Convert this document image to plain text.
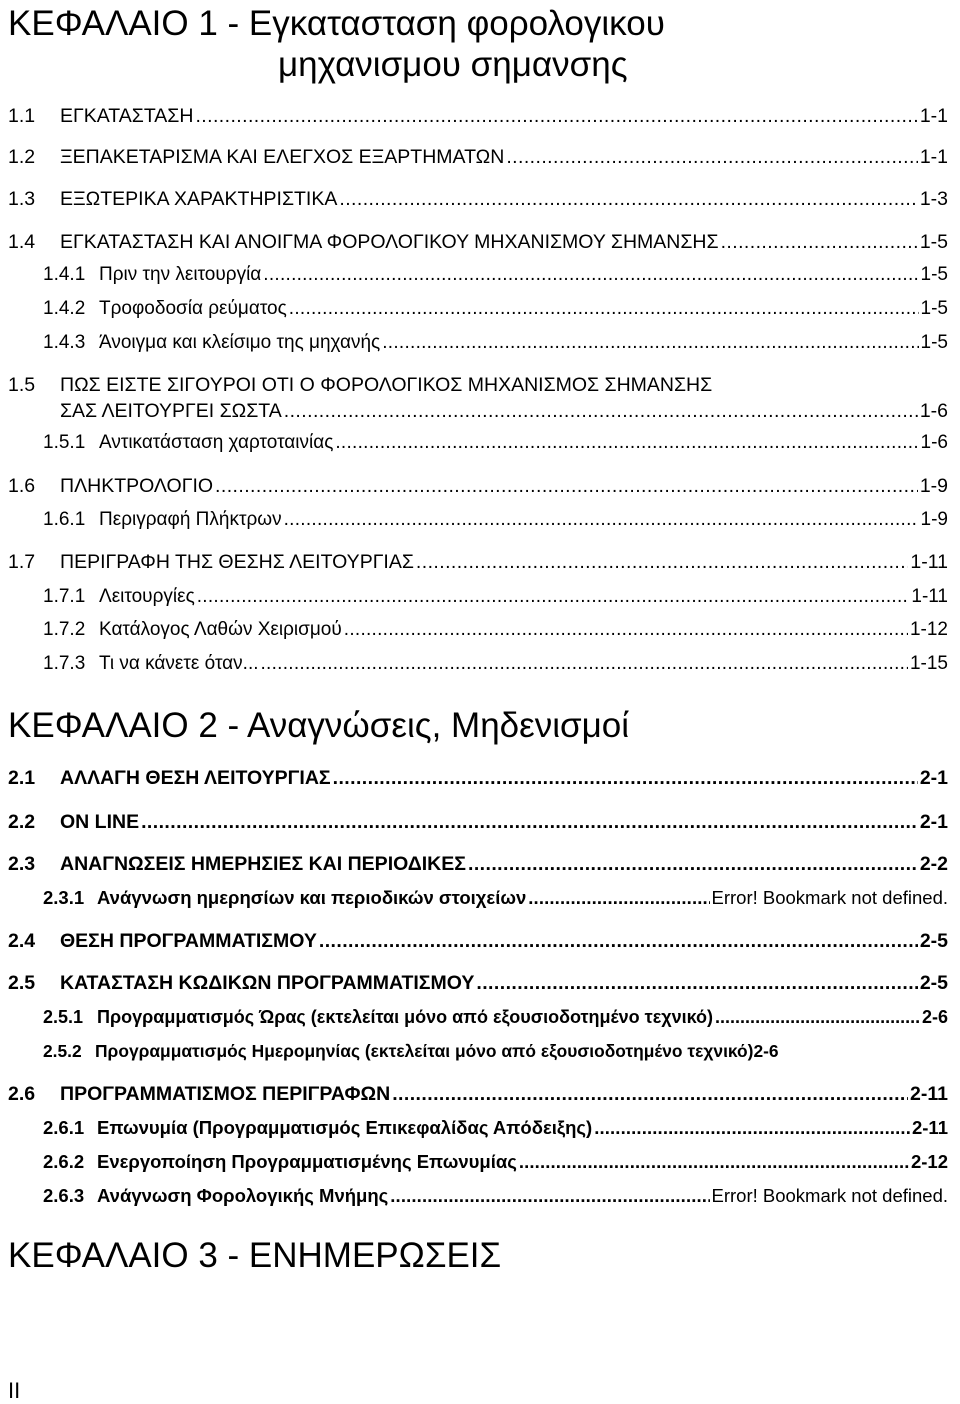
ΚΕΦΑΛΑΙΟ 1 - Εγκατασταση φορολογικου
μηχανισμου σημανσης
1.1	ΕΓΚΑΤΑΣΤΑΣΗ . . .	1-1
1.2	ΞΕΠΑΚΕΤΑΡΙΣΜΑ ΚΑΙ ΕΛΕΓΧΟΣ ΕΞΑΡΤΗΜΑΤΩΝ . . .	1-1
1.3	ΕΞΩΤΕΡΙΚΑ ΧΑΡΑΚΤΗΡΙΣΤΙΚΑ . . .	1-3
1.4	ΕΓΚΑΤΑΣΤΑΣΗ ΚΑΙ ΑΝΟΙΓΜΑ ΦΟΡΟΛΟΓΙΚΟΥ ΜΗΧΑΝΙΣΜΟΥ ΣΗΜΑΝΣΗΣ . . .	1-5
1.4.1 Πριν την λειτουργία . . .	1-5
1.4.2 Τροφοδοσία ρεύματος . . .	1-5
1.4.3 Άνοιγμα και κλείσιμο της μηχανής . . .	1-5
1.5	ΠΩΣ ΕΙΣΤΕ ΣΙΓΟΥΡΟΙ ΟΤΙ Ο ΦΟΡΟΛΟΓΙΚΟΣ ΜΗΧΑΝΙΣΜΟΣ ΣΗΜΑΝΣΗΣ
ΣΑΣ ΛΕΙΤΟΥΡΓΕΙ ΣΩΣΤΑ . . .	1-6
1.5.1 Αντικατάσταση χαρτοταινίας . . .	1-6
1.6	ΠΛΗΚΤΡΟΛΟΓΙΟ . . .	1-9
1.6.1 Περιγραφή Πλήκτρων . . .	1-9
1.7	ΠΕΡΙΓΡΑΦΗ ΤΗΣ ΘΕΣΗΣ ΛΕΙΤΟΥΡΓΙΑΣ . . .	1-11
1.7.1 Λειτουργίες . . .	1-11
1.7.2 Κατάλογος Λαθών Χειρισμού . . .	1-12
1.7.3 Τι να κάνετε όταν... . . .	1-15
ΚΕΦΑΛΑΙΟ 2 - Αναγνώσεις, Μηδενισμοί
2.1	ΑΛΛΑΓΗ ΘΕΣΗ ΛΕΙΤΟΥΡΓΙΑΣ . . .	2-1
2.2	ON LINE . . .	2-1
2.3	ΑΝΑΓΝΩΣΕΙΣ ΗΜΕΡΗΣΙΕΣ ΚΑΙ ΠΕΡΙΟΔΙΚΕΣ . . .	2-2
2.3.1 Ανάγνωση ημερησίων και περιοδικών στοιχείων . . .	Error! Bookmark not defined.
2.4	ΘΕΣΗ ΠΡΟΓΡΑΜΜΑΤΙΣΜΟΥ . . .	2-5
2.5	ΚΑΤΑΣΤΑΣΗ ΚΩΔΙΚΩΝ ΠΡΟΓΡΑΜΜΑΤΙΣΜΟΥ . . .	2-5
2.5.1 Προγραμματισμός Ώρας (εκτελείται μόνο από εξουσιοδοτημένο τεχνικό) . . .	2-6
2.5.2 Προγραμματισμός Ημερομηνίας (εκτελείται μόνο από εξουσιοδοτημένο τεχνικό) 2-6
2.6	ΠΡΟΓΡΑΜΜΑΤΙΣΜΟΣ ΠΕΡΙΓΡΑΦΩΝ . . .	2-11
2.6.1 Επωνυμία (Προγραμματισμός Επικεφαλίδας Απόδειξης) . . .	2-11
2.6.2 Ενεργοποίηση Προγραμματισμένης Επωνυμίας . . .	2-12
2.6.3 Ανάγνωση Φορολογικής Μνήμης . . .	Error! Bookmark not defined.
ΚΕΦΑΛΑΙΟ 3 - ΕΝΗΜΕΡΩΣΕΙΣ
II
